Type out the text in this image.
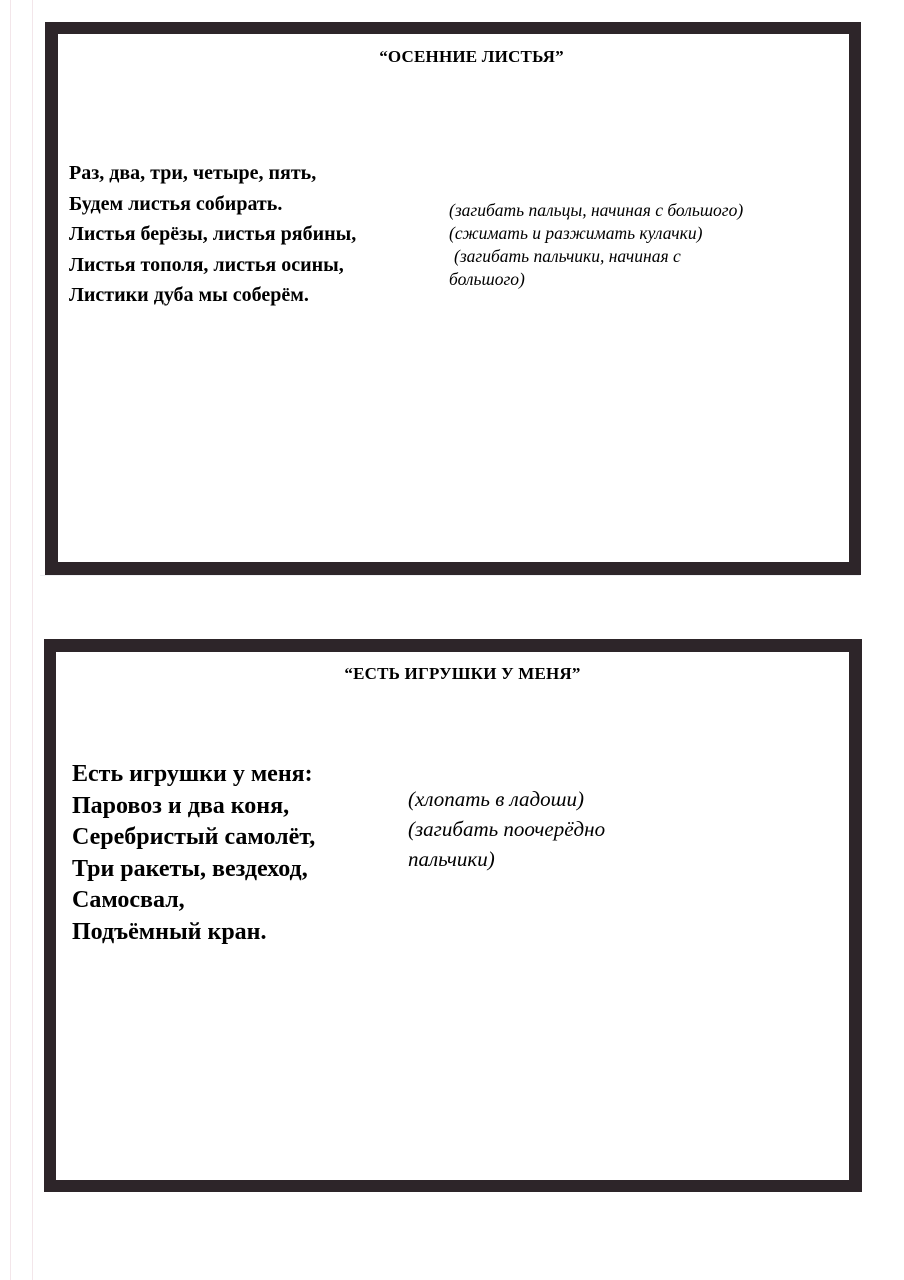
“ОСЕННИЕ ЛИСТЬЯ”
Раз, два, три, четыре, пять,
Будем листья собирать.
Листья берёзы, листья рябины,
Листья тополя, листья осины,
Листики дуба мы соберём.
(загибать пальцы, начиная с большого)
(сжимать и разжимать кулачки)
(загибать пальчики, начиная с
большого)
“ЕСТЬ ИГРУШКИ У МЕНЯ”
Есть игрушки у меня:
Паровоз и два коня,
Серебристый самолёт,
Три ракеты, вездеход,
Самосвал,
Подъёмный кран.
(хлопать в ладоши)
(загибать поочерёдно
пальчики)
